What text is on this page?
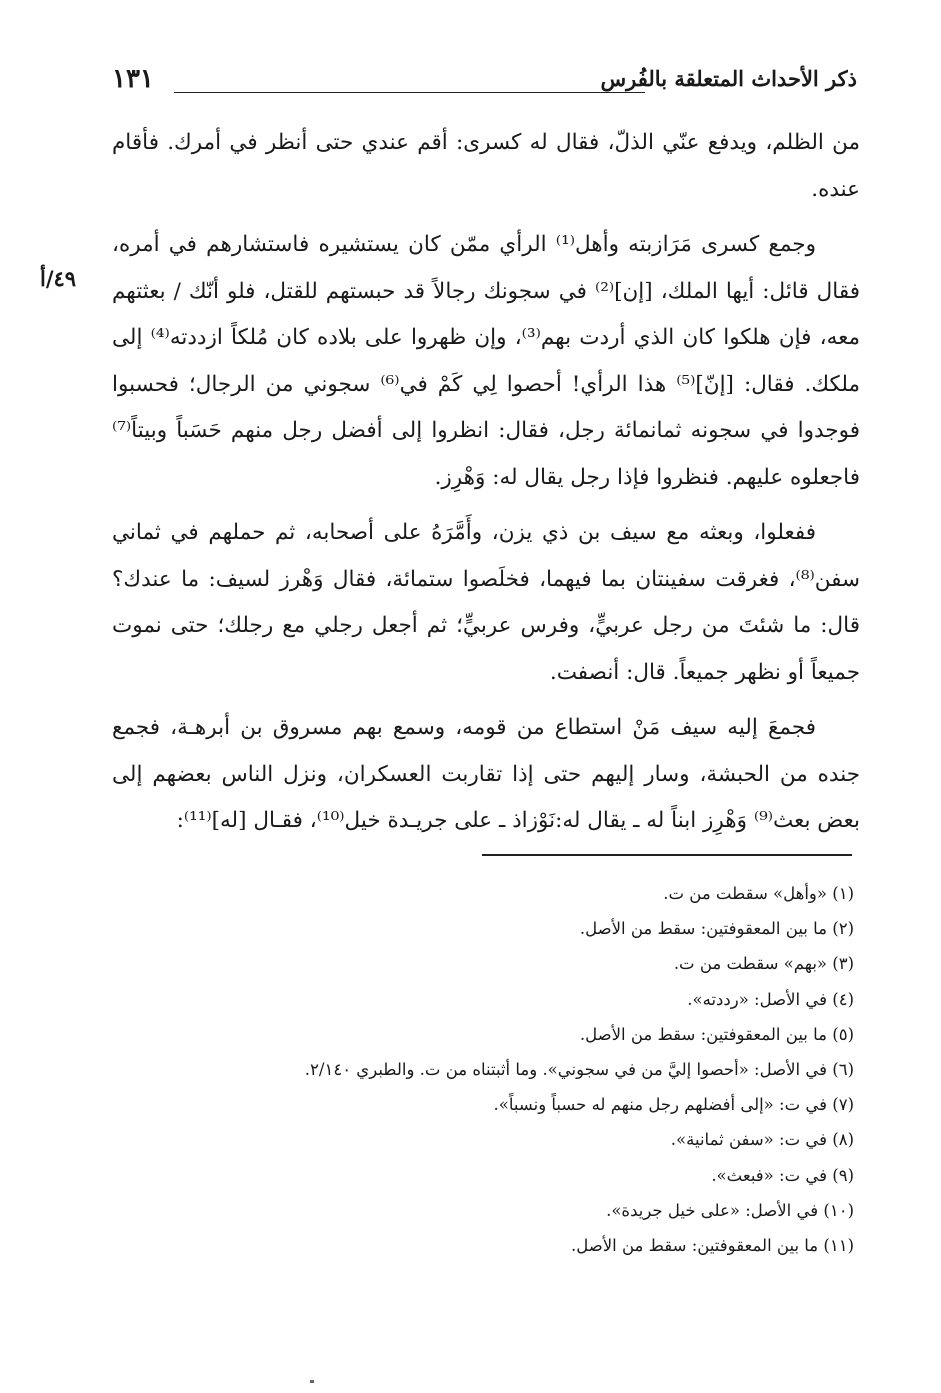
ذكر الأحداث المتعلقة بالفُرس
١٣١
٤٩/أ

من الظلم، ويدفع عنّي الذلّ، فقال له كسرى: أقم عندي حتى أنظر في أمرك. فأقام عنده.

وجمع كسرى مَرَازبته وأهل⁽¹⁾ الرأي ممّن كان يستشيره فاستشارهم في أمره، فقال قائل: أيها الملك، [إن]⁽²⁾ في سجونك رجالاً قد حبستهم للقتل، فلو أنّك / بعثتهم معه، فإن هلكوا كان الذي أردت بهم⁽³⁾، وإن ظهروا على بلاده كان مُلكاً ازددته⁽⁴⁾ إلى ملكك. فقال: [إنّ]⁽⁵⁾ هذا الرأي! أحصوا لِي كَمْ في⁽⁶⁾ سجوني من الرجال؛ فحسبوا فوجدوا في سجونه ثمانمائة رجل، فقال: انظروا إلى أفضل رجل منهم حَسَباً وبيتاً⁽⁷⁾ فاجعلوه عليهم. فنظروا فإذا رجل يقال له: وَهْرِز.

ففعلوا، وبعثه مع سيف بن ذي يزن، وأَمَّرَهُ على أصحابه، ثم حملهم في ثماني سفن⁽⁸⁾، فغرقت سفينتان بما فيهما، فخلَصوا ستمائة، فقال وَهْرز لسيف: ما عندك؟ قال: ما شئتَ من رجل عربيٍّ، وفرس عربيٍّ؛ ثم أجعل رجلي مع رجلك؛ حتى نموت جميعاً أو نظهر جميعاً. قال: أنصفت.

فجمعَ إليه سيف مَنْ استطاع من قومه، وسمع بهم مسروق بن أبرهـة، فجمع جنده من الحبشة، وسار إليهم حتى إذا تقاربت العسكران، ونزل الناس بعضهم إلى بعض بعث⁽⁹⁾ وَهْرِز ابناً له ـ يقال له:نَوْزاذ ـ على جريـدة خيل⁽¹⁰⁾، فقـال [له]⁽¹¹⁾:

(١) «وأهل» سقطت من ت.

(٢) ما بين المعقوفتين: سقط من الأصل.

(٣) «بهم» سقطت من ت.

(٤) في الأصل: «رددته».

(٥) ما بين المعقوفتين: سقط من الأصل.

(٦) في الأصل: «أحصوا إليَّ من في سجوني». وما أثبتناه من ت. والطبري ٢/١٤٠.

(٧) في ت: «إلى أفضلهم رجل منهم له حسباً ونسباً».

(٨) في ت: «سفن ثمانية».

(٩) في ت: «فبعث».

(١٠) في الأصل: «على خيل جريدة».

(١١) ما بين المعقوفتين: سقط من الأصل.
